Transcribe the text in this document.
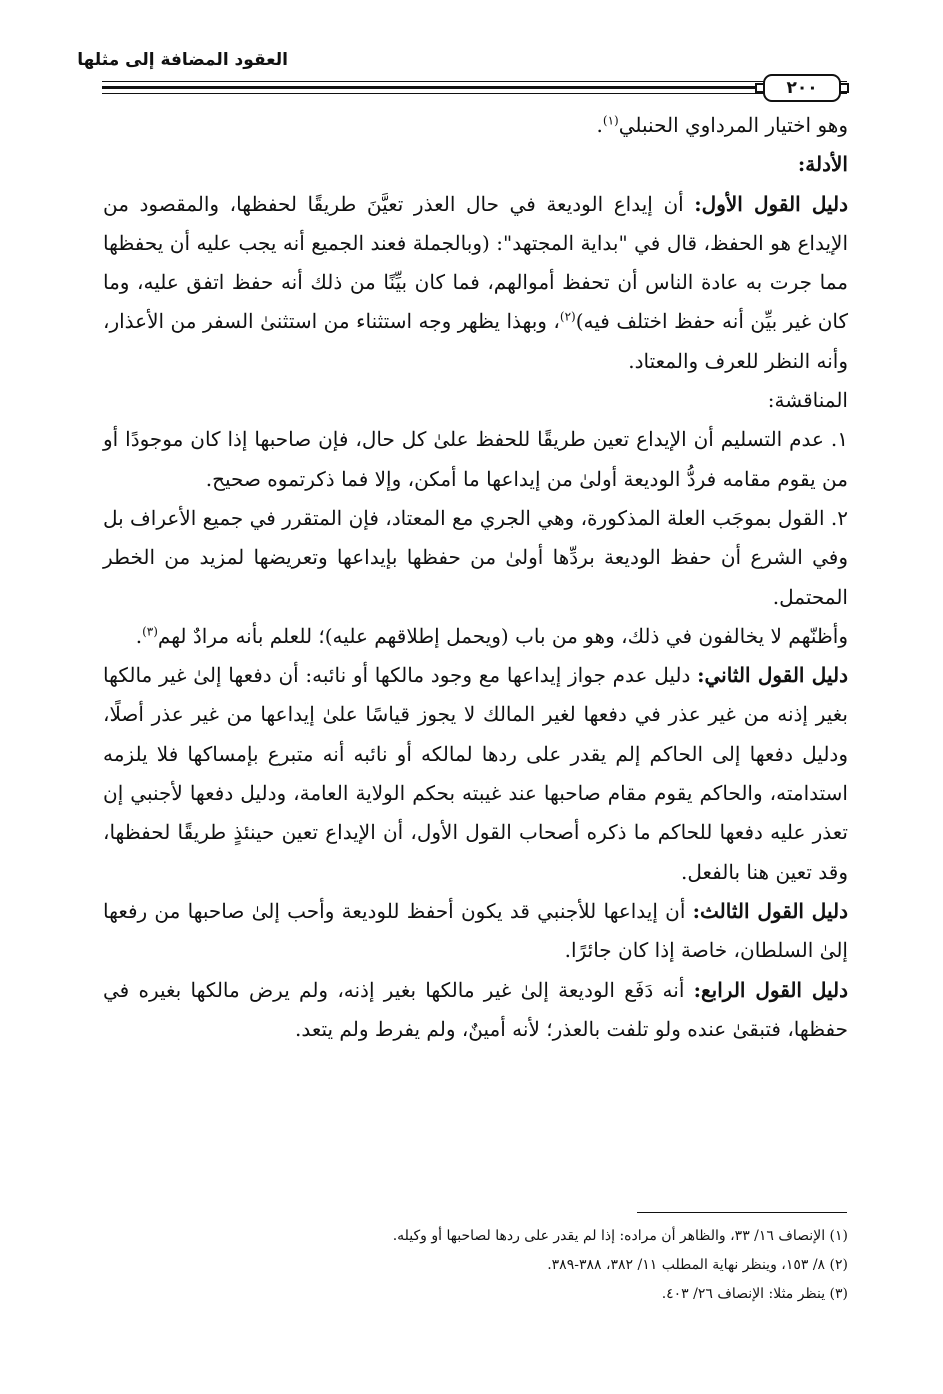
العقود المضافة إلى مثلها
٢٠٠

وهو اختيار المرداوي الحنبلي$^{(١)}$.

الأدلة:

دليل القول الأول: أن إيداع الوديعة في حال العذر تعيَّنَ طريقًا لحفظها، والمقصود من الإيداع هو الحفظ، قال في "بداية المجتهد": (وبالجملة فعند الجميع أنه يجب عليه أن يحفظها مما جرت به عادة الناس أن تحفظ أموالهم، فما كان بيِّنًا من ذلك أنه حفظ اتفق عليه، وما كان غير بيِّن أنه حفظ اختلف فيه)$^{(٢)}$، وبهذا يظهر وجه استثناء من استثنىٰ السفر من الأعذار، وأنه النظر للعرف والمعتاد.

المناقشة:

١. عدم التسليم أن الإيداع تعين طريقًا للحفظ علىٰ كل حال، فإن صاحبها إذا كان موجودًا أو من يقوم مقامه فردُّ الوديعة أولىٰ من إيداعها ما أمكن، وإلا فما ذكرتموه صحيح.

٢. القول بموجَب العلة المذكورة، وهي الجري مع المعتاد، فإن المتقرر في جميع الأعراف بل وفي الشرع أن حفظ الوديعة بردِّها أولىٰ من حفظها بإيداعها وتعريضها لمزيد من الخطر المحتمل.

وأظنّهم لا يخالفون في ذلك، وهو من باب (ويحمل إطلاقهم عليه)؛ للعلم بأنه مرادٌ لهم$^{(٣)}$.

دليل القول الثاني: دليل عدم جواز إيداعها مع وجود مالكها أو نائبه: أن دفعها إلىٰ غير مالكها بغير إذنه من غير عذر في دفعها لغير المالك لا يجوز قياسًا علىٰ إيداعها من غير عذر أصلًا، ودليل دفعها إلى الحاكم إلم يقدر على ردها لمالكه أو نائبه أنه متبرع بإمساكها فلا يلزمه استدامته، والحاكم يقوم مقام صاحبها عند غيبته بحكم الولاية العامة، ودليل دفعها لأجنبي إن تعذر عليه دفعها للحاكم ما ذكره أصحاب القول الأول، أن الإيداع تعين حينئذٍ طريقًا لحفظها، وقد تعين هنا بالفعل.

دليل القول الثالث: أن إيداعها للأجنبي قد يكون أحفظ للوديعة وأحب إلىٰ صاحبها من رفعها إلىٰ السلطان، خاصة إذا كان جائرًا.

دليل القول الرابع: أنه دَفَع الوديعة إلىٰ غير مالكها بغير إذنه، ولم يرض مالكها بغيره في حفظها، فتبقىٰ عنده ولو تلفت بالعذر؛ لأنه أمينٌ، ولم يفرط ولم يتعد.

(١) الإنصاف ١٦/ ٣٣، والظاهر أن مراده: إذا لم يقدر على ردها لصاحبها أو وكيله.

(٢) ٨/ ١٥٣، وينظر نهاية المطلب ١١/ ٣٨٢، ٣٨٨-٣٨٩.

(٣) ينظر مثلا: الإنصاف ٢٦/ ٤٠٣.
